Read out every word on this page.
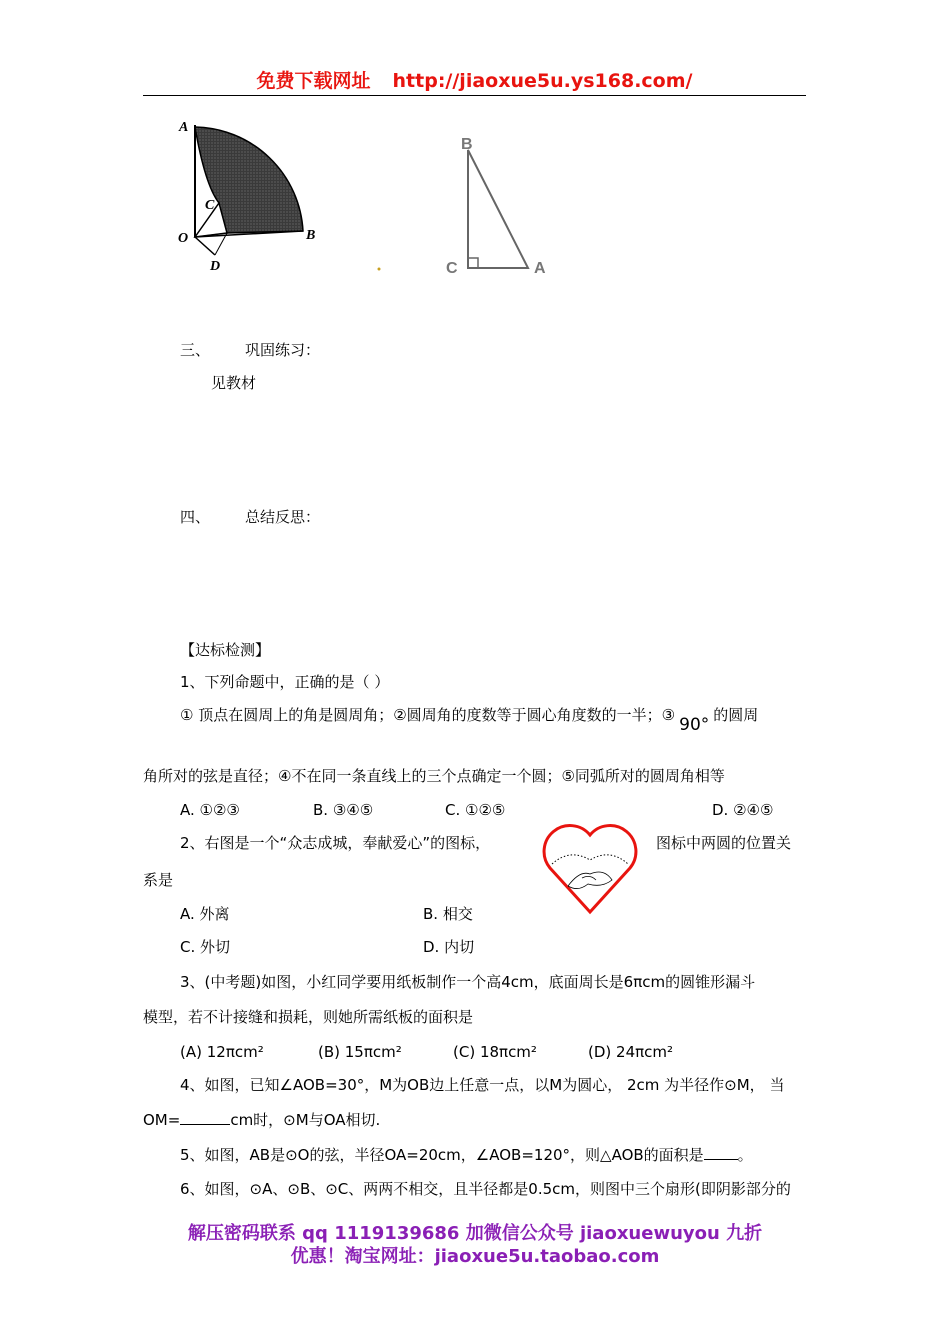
免费下载网址 http://jiaoxue5u.ys168.com/
A
C
O
D
B
B
C	A
三、 巩固练习：
见教材
四、 总结反思：
【达标检测】
1、下列命题中，正确的是（ ）
① 顶点在圆周上的角是圆周角；②圆周角的度数等于圆心角度数的一半；③ 90° 的圆周
角所对的弦是直径；④不在同一条直线上的三个点确定一个圆；⑤同弧所对的圆周角相等
A. ①②③	B. ③④⑤	C. ①②⑤	D. ②④⑤
2、右图是一个“众志成城，奉献爱心”的图标，	图标中两圆的位置关
系是
A. 外离	B. 相交
C. 外切	D. 内切
3、(中考题)如图，小红同学要用纸板制作一个高4cm，底面周长是6πcm的圆锥形漏斗
模型，若不计接缝和损耗，则她所需纸板的面积是
(A) 12πcm²	(B) 15πcm²	(C) 18πcm²	(D) 24πcm²
4、如图，已知∠AOB=30°，M为OB边上任意一点，以M为圆心， 2cm 为半径作⊙M， 当
OM=	cm时，⊙M与OA相切.
5、如图，AB是⊙O的弦，半径OA=20cm，∠AOB=120°，则△AOB的面积是 。
6、如图，⊙A、⊙B、⊙C、两两不相交，且半径都是0.5cm，则图中三个扇形(即阴影部分的
解压密码联系 qq 1119139686 加微信公众号 jiaoxuewuyou 九折
优惠！淘宝网址：jiaoxue5u.taobao.com
